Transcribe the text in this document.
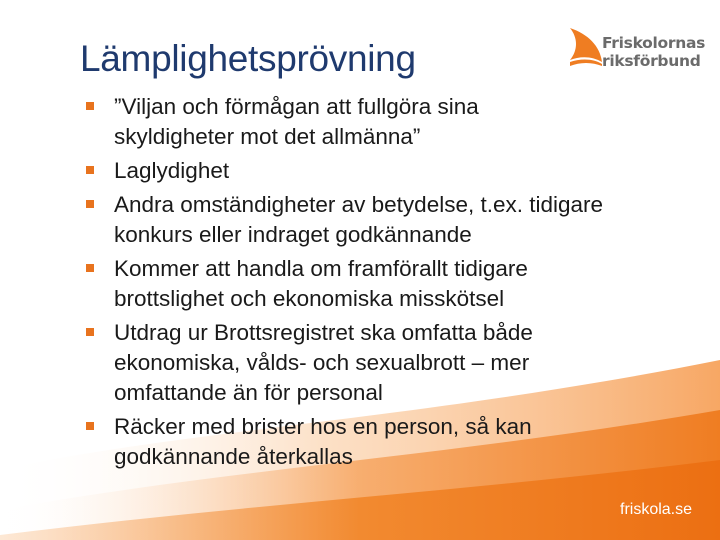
Lämplighetsprövning	Friskolornas
riksförbund
”Viljan och förmågan att fullgöra sina
skyldigheter mot det allmänna”
Laglydighet
Andra omständigheter av betydelse, t.ex. tidigare
konkurs eller indraget godkännande
Kommer att handla om framförallt tidigare
brottslighet och ekonomiska misskötsel
Utdrag ur Brottsregistret ska omfatta både
ekonomiska, vålds- och sexualbrott – mer
omfattande än för personal
Räcker med brister hos en person, så kan
godkännande återkallas
friskola.se
